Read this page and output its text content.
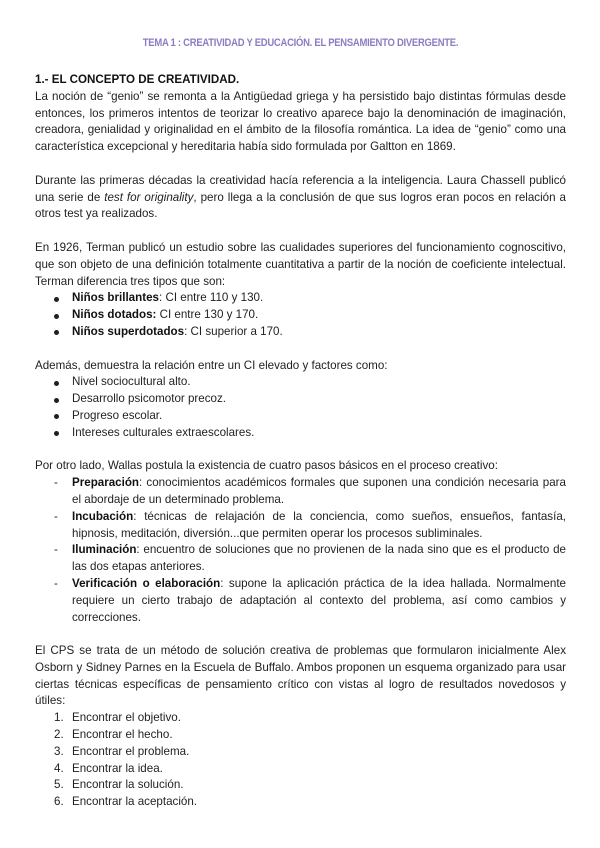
TEMA 1 : CREATIVIDAD Y EDUCACIÓN. EL PENSAMIENTO DIVERGENTE.
1.- EL CONCEPTO DE CREATIVIDAD.

La noción de “genio” se remonta a la Antigüedad griega y ha persistido bajo distintas fórmulas desde entonces, los primeros intentos de teorizar lo creativo aparece bajo la denominación de imaginación, creadora, genialidad y originalidad en el ámbito de la filosofía romántica. La idea de “genio” como una característica excepcional y hereditaria había sido formulada por Galtton en 1869.

Durante las primeras décadas la creatividad hacía referencia a la inteligencia. Laura Chassell publicó una serie de test for originality, pero llega a la conclusión de que sus logros eran pocos en relación a otros test ya realizados.

En 1926, Terman publicó un estudio sobre las cualidades superiores del funcionamiento cognoscitivo, que son objeto de una definición totalmente cuantitativa a partir de la noción de coeficiente intelectual. Terman diferencia tres tipos que son:

Niños brillantes: CI entre 110 y 130.
Niños dotados: CI entre 130 y 170.
Niños superdotados: CI superior a 170.

Además, demuestra la relación entre un CI elevado y factores como:

Nivel sociocultural alto.
Desarrollo psicomotor precoz.
Progreso escolar.
Intereses culturales extraescolares.

Por otro lado, Wallas postula la existencia de cuatro pasos básicos en el proceso creativo:

- Preparación: conocimientos académicos formales que suponen una condición necesaria para el abordaje de un determinado problema.
- Incubación: técnicas de relajación de la conciencia, como sueños, ensueños, fantasía, hipnosis, meditación, diversión...que permiten operar los procesos subliminales.
- Iluminación: encuentro de soluciones que no provienen de la nada sino que es el producto de las dos etapas anteriores.
- Verificación o elaboración: supone la aplicación práctica de la idea hallada. Normalmente requiere un cierto trabajo de adaptación al contexto del problema, así como cambios y correcciones.

El CPS se trata de un método de solución creativa de problemas que formularon inicialmente Alex Osborn y Sidney Parnes en la Escuela de Buffalo. Ambos proponen un esquema organizado para usar ciertas técnicas específicas de pensamiento crítico con vistas al logro de resultados novedosos y útiles:

1. Encontrar el objetivo.
2. Encontrar el hecho.
3. Encontrar el problema.
4. Encontrar la idea.
5. Encontrar la solución.
6. Encontrar la aceptación.
